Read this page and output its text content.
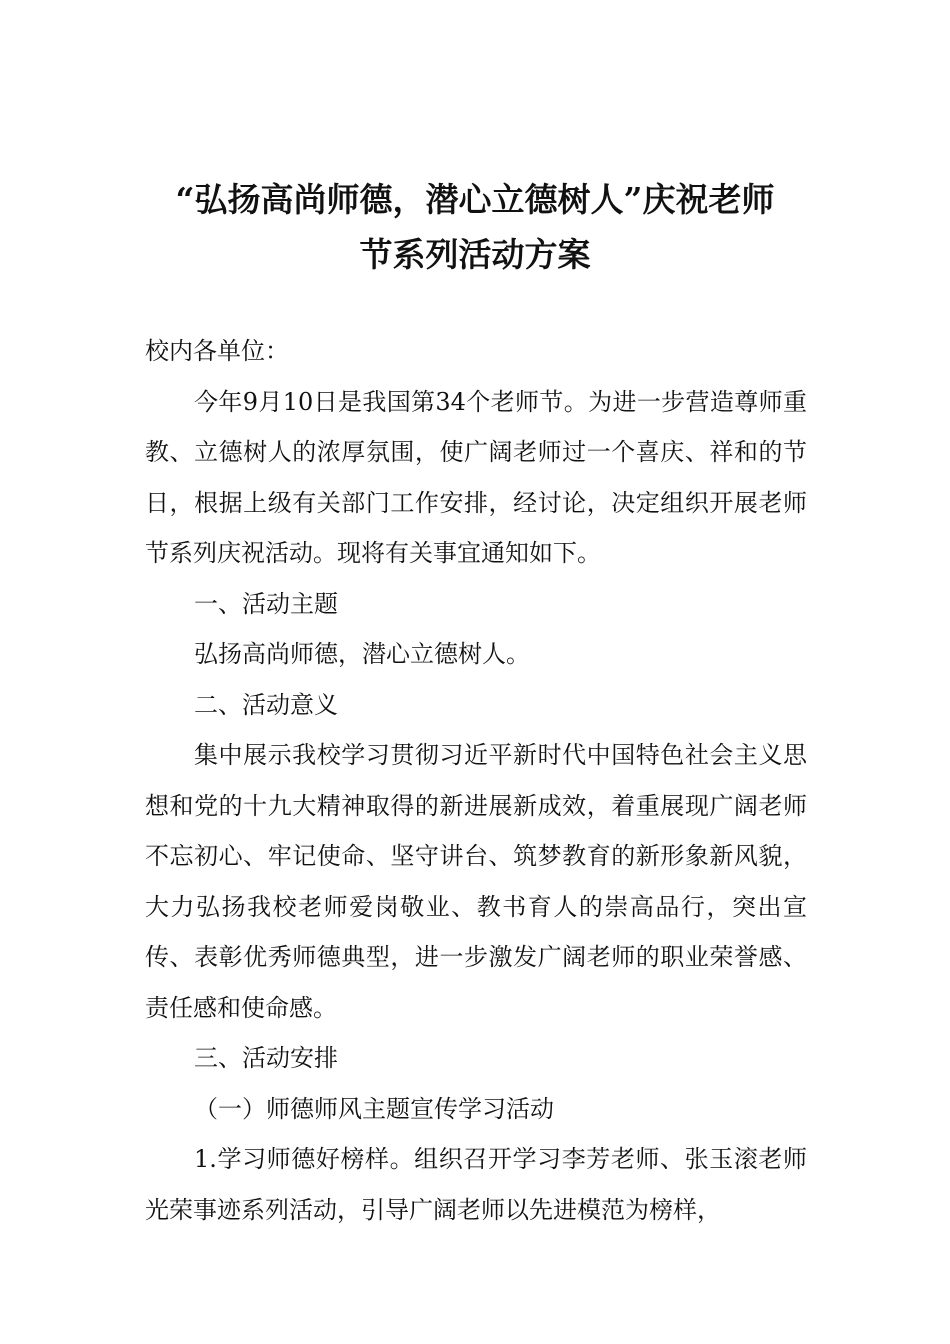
“弘扬高尚师德，潜心立德树人”庆祝老师
节系列活动方案

校内各单位：

今年9月10日是我国第34个老师节。为进一步营造尊师重教、立德树人的浓厚氛围，使广阔老师过一个喜庆、祥和的节日，根据上级有关部门工作安排，经讨论，决定组织开展老师节系列庆祝活动。现将有关事宜通知如下。

一、活动主题

弘扬高尚师德，潜心立德树人。

二、活动意义

集中展示我校学习贯彻习近平新时代中国特色社会主义思想和党的十九大精神取得的新进展新成效，着重展现广阔老师不忘初心、牢记使命、坚守讲台、筑梦教育的新形象新风貌，大力弘扬我校老师爱岗敬业、教书育人的崇高品行，突出宣传、表彰优秀师德典型，进一步激发广阔老师的职业荣誉感、责任感和使命感。

三、活动安排

（一）师德师风主题宣传学习活动

1.学习师德好榜样。组织召开学习李芳老师、张玉滚老师光荣事迹系列活动，引导广阔老师以先进模范为榜样，
